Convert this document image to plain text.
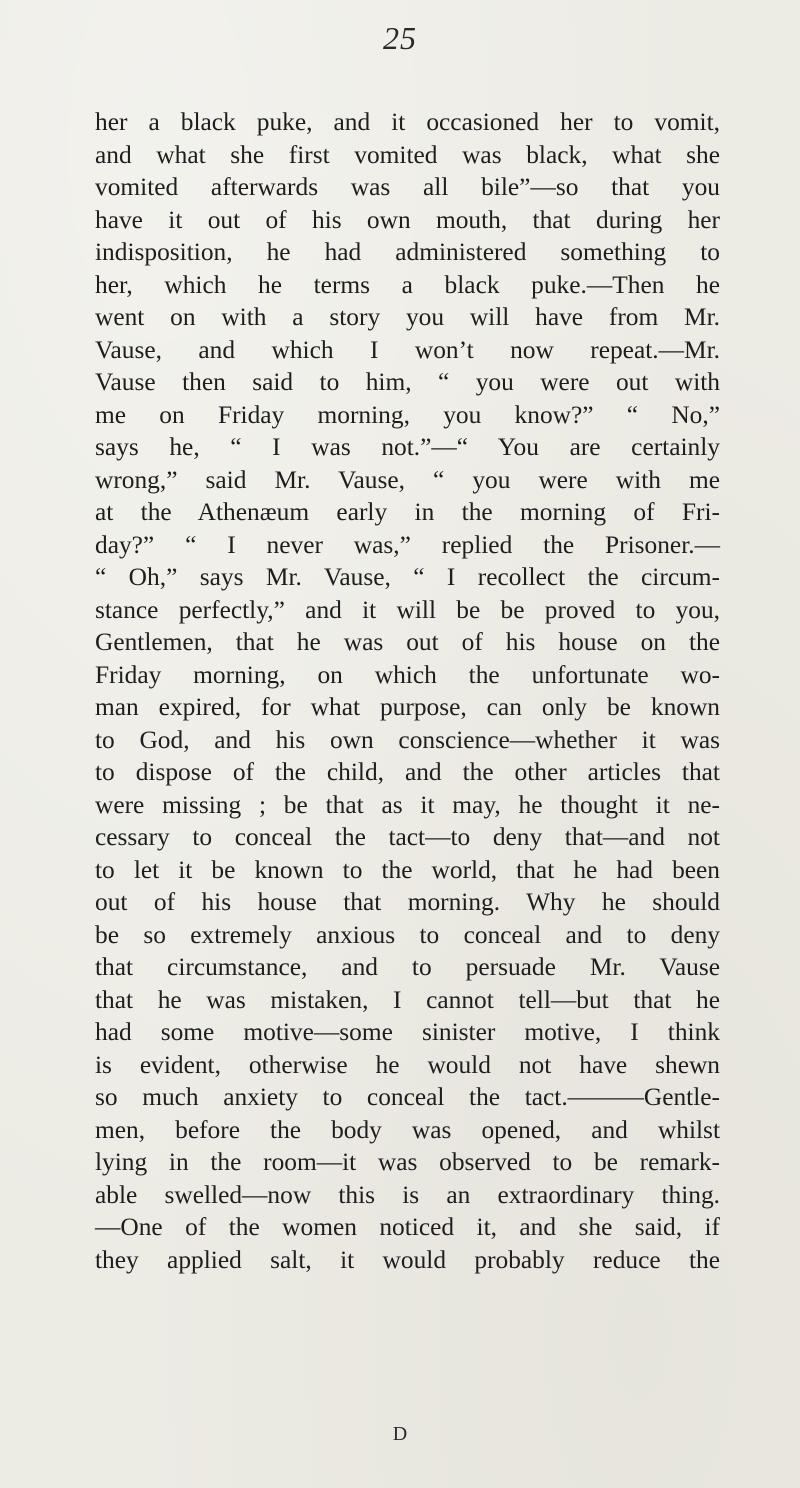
25
her a black puke, and it occasioned her to vomit,
and what she first vomited was black, what she
vomited afterwards was all bile”—so that you
have it out of his own mouth, that during her
indisposition, he had administered something to
her, which he terms a black puke.—Then he
went on with a story you will have from Mr.
Vause, and which I won’t now repeat.—Mr.
Vause then said to him, “ you were out with
me on Friday morning, you know?” “ No,”
says he, “ I was not.”—“ You are certainly
wrong,” said Mr. Vause, “ you were with me
at the Athenæum early in the morning of Fri-
day?” “ I never was,” replied the Prisoner.—
“ Oh,” says Mr. Vause, “ I recollect the circum-
stance perfectly,” and it will be be proved to you,
Gentlemen, that he was out of his house on the
Friday morning, on which the unfortunate wo-
man expired, for what purpose, can only be known
to God, and his own conscience—whether it was
to dispose of the child, and the other articles that
were missing ; be that as it may, he thought it ne-
cessary to conceal the tact—to deny that—and not
to let it be known to the world, that he had been
out of his house that morning. Why he should
be so extremely anxious to conceal and to deny
that circumstance, and to persuade Mr. Vause
that he was mistaken, I cannot tell—but that he
had some motive—some sinister motive, I think
is evident, otherwise he would not have shewn
so much anxiety to conceal the tact.———Gentle-
men, before the body was opened, and whilst
lying in the room—it was observed to be remark-
able swelled—now this is an extraordinary thing.
—One of the women noticed it, and she said, if
they applied salt, it would probably reduce the
D
